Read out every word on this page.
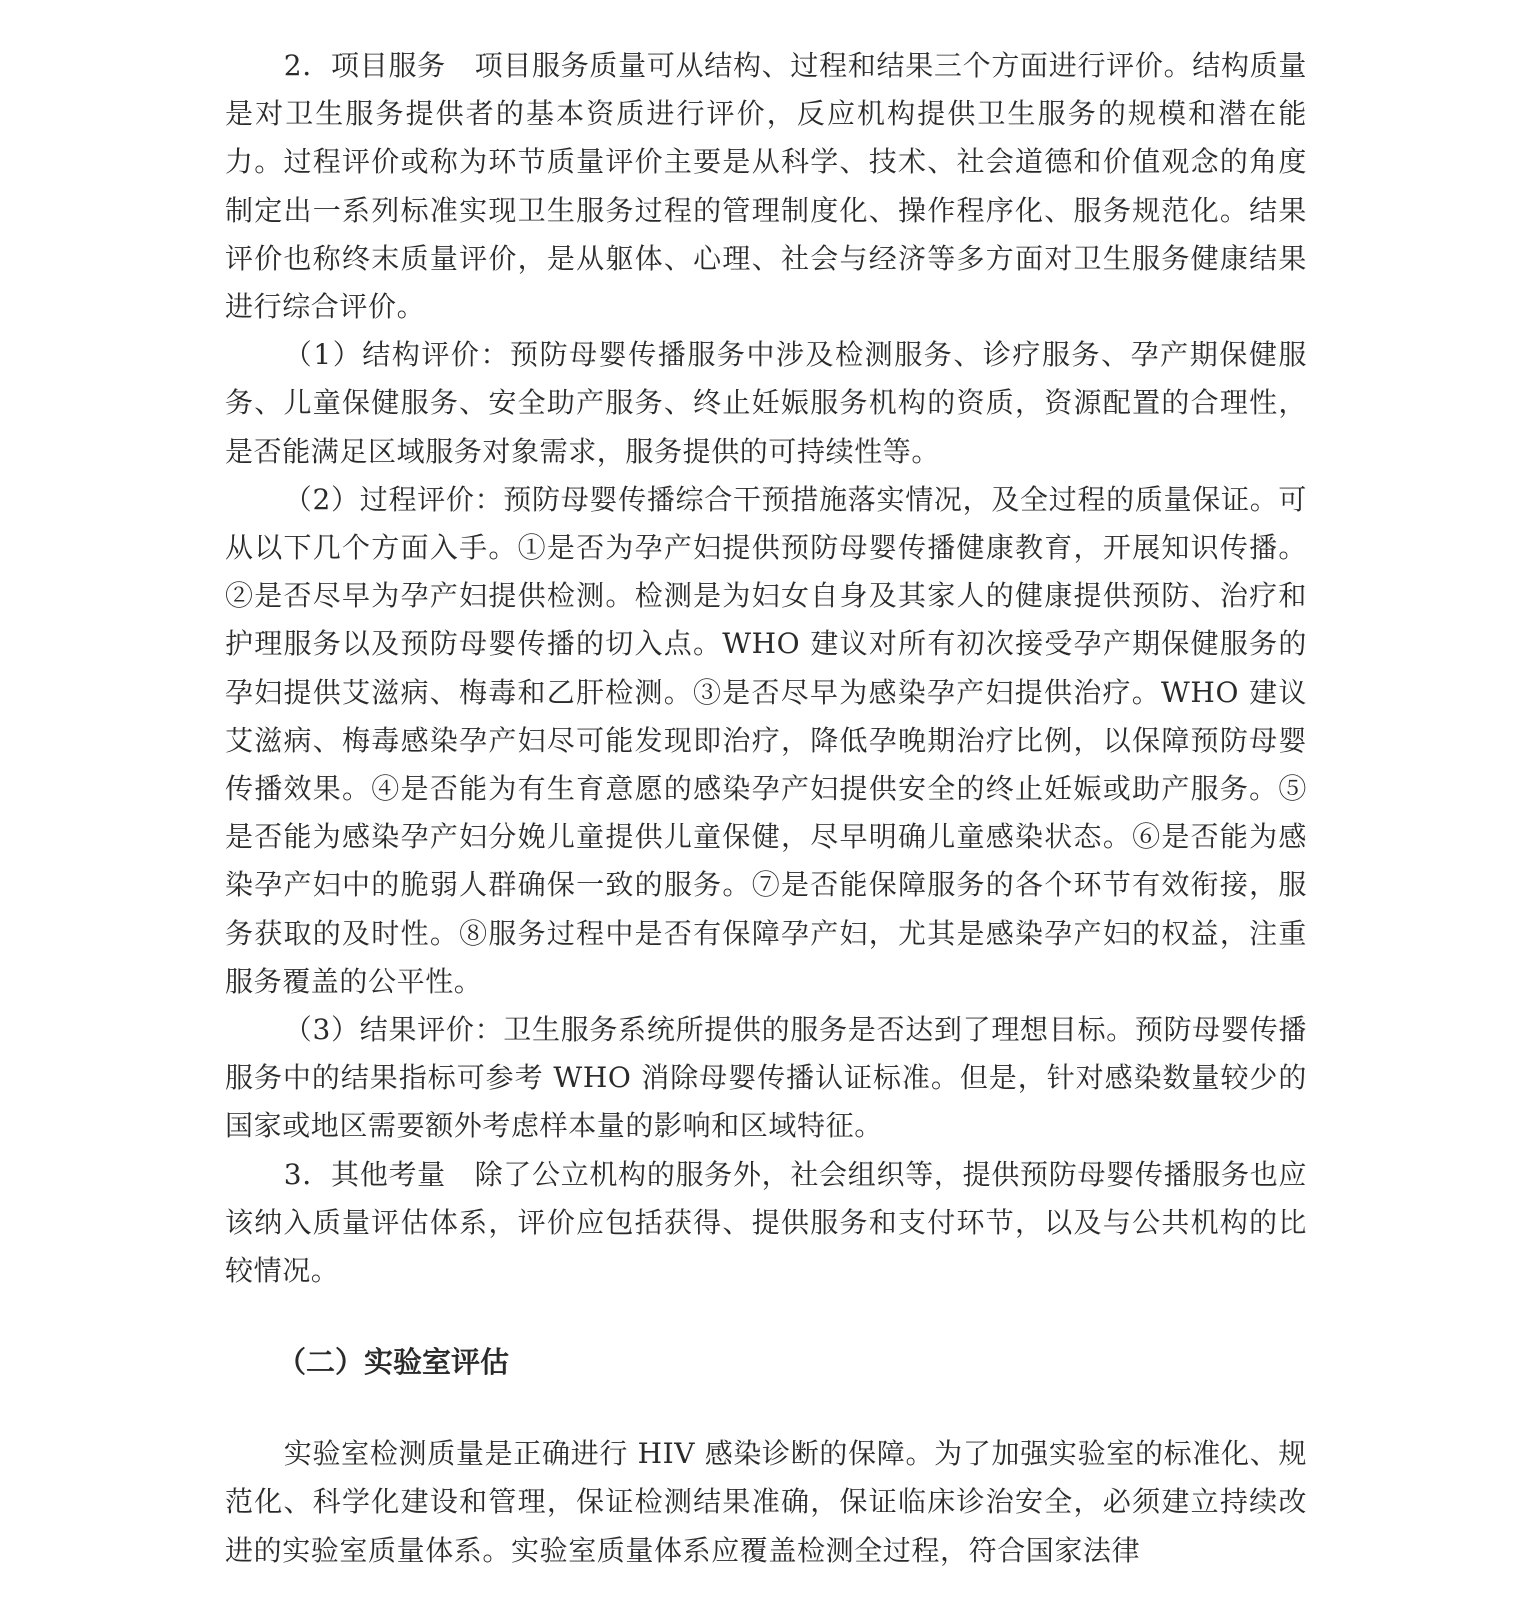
2．项目服务　项目服务质量可从结构、过程和结果三个方面进行评价。结构质量是对卫生服务提供者的基本资质进行评价，反应机构提供卫生服务的规模和潜在能力。过程评价或称为环节质量评价主要是从科学、技术、社会道德和价值观念的角度制定出一系列标准实现卫生服务过程的管理制度化、操作程序化、服务规范化。结果评价也称终末质量评价，是从躯体、心理、社会与经济等多方面对卫生服务健康结果进行综合评价。

（1）结构评价：预防母婴传播服务中涉及检测服务、诊疗服务、孕产期保健服务、儿童保健服务、安全助产服务、终止妊娠服务机构的资质，资源配置的合理性，是否能满足区域服务对象需求，服务提供的可持续性等。

（2）过程评价：预防母婴传播综合干预措施落实情况，及全过程的质量保证。可从以下几个方面入手。①是否为孕产妇提供预防母婴传播健康教育，开展知识传播。②是否尽早为孕产妇提供检测。检测是为妇女自身及其家人的健康提供预防、治疗和护理服务以及预防母婴传播的切入点。WHO 建议对所有初次接受孕产期保健服务的孕妇提供艾滋病、梅毒和乙肝检测。③是否尽早为感染孕产妇提供治疗。WHO 建议艾滋病、梅毒感染孕产妇尽可能发现即治疗，降低孕晚期治疗比例，以保障预防母婴传播效果。④是否能为有生育意愿的感染孕产妇提供安全的终止妊娠或助产服务。⑤是否能为感染孕产妇分娩儿童提供儿童保健，尽早明确儿童感染状态。⑥是否能为感染孕产妇中的脆弱人群确保一致的服务。⑦是否能保障服务的各个环节有效衔接，服务获取的及时性。⑧服务过程中是否有保障孕产妇，尤其是感染孕产妇的权益，注重服务覆盖的公平性。

（3）结果评价：卫生服务系统所提供的服务是否达到了理想目标。预防母婴传播服务中的结果指标可参考 WHO 消除母婴传播认证标准。但是，针对感染数量较少的国家或地区需要额外考虑样本量的影响和区域特征。

3．其他考量　除了公立机构的服务外，社会组织等，提供预防母婴传播服务也应该纳入质量评估体系，评价应包括获得、提供服务和支付环节，以及与公共机构的比较情况。

（二）实验室评估

实验室检测质量是正确进行 HIV 感染诊断的保障。为了加强实验室的标准化、规范化、科学化建设和管理，保证检测结果准确，保证临床诊治安全，必须建立持续改进的实验室质量体系。实验室质量体系应覆盖检测全过程，符合国家法律
